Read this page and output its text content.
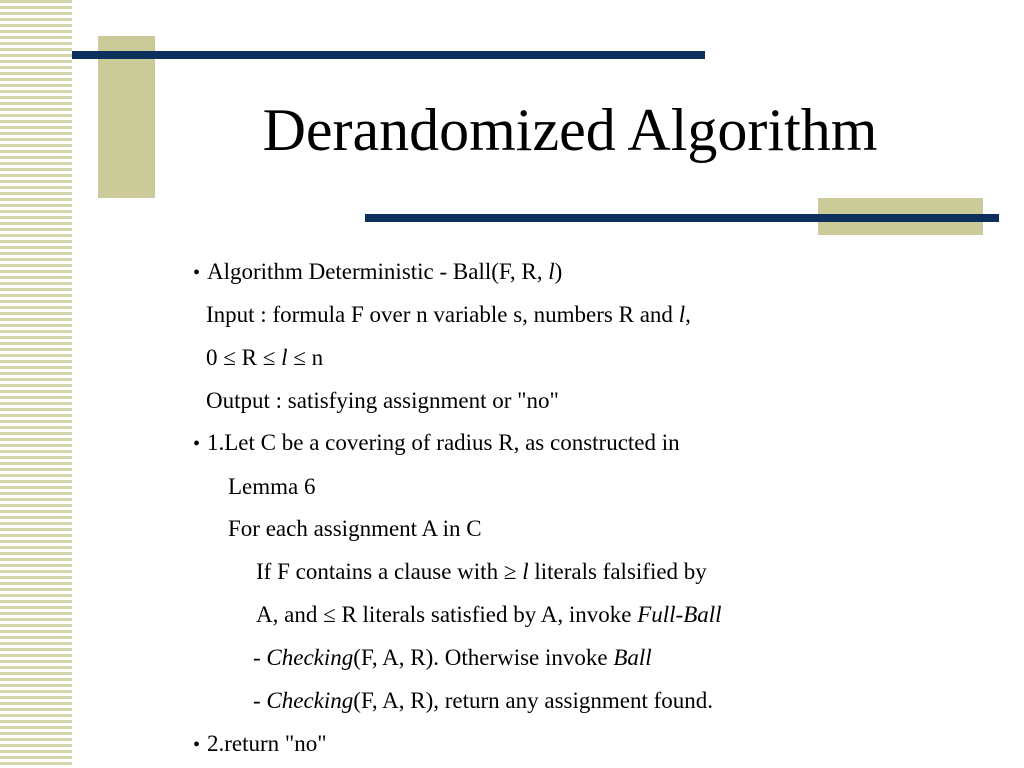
Derandomized Algorithm
• Algorithm Deterministic - Ball(F, R, l)
Input : formula F over n variable s, numbers R and l,
0 ≤ R ≤ l ≤ n
Output : satisfying assignment or "no"
• 1.Let C be a covering of radius R, as constructed in
Lemma 6
For each assignment A in C
If F contains a clause with ≥ l literals falsified by
A, and ≤ R literals satisfied by A, invoke Full-Ball
- Checking(F, A, R). Otherwise invoke Ball
- Checking(F, A, R), return any assignment found.
• 2.return "no"
